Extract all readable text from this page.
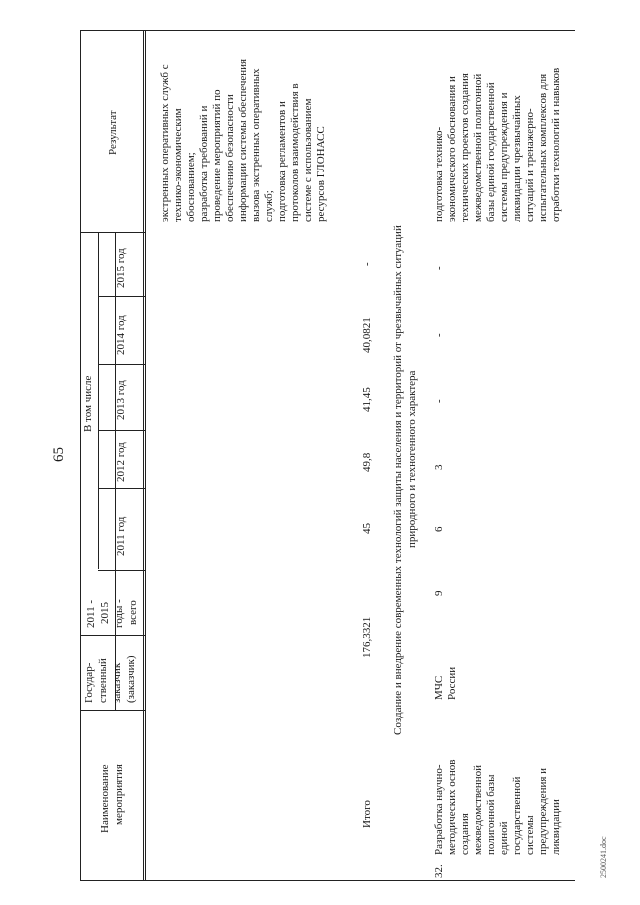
65
Наименование мероприятия
Государ- ственный заказчик (заказчик)
2011 - 2015 годы - всего
В том числе
2011 год
2012 год
2013 год
2014 год
2015 год
Результат	экстренных оперативных служб с технико-экономическим обоснованием; разработка требований и проведение мероприятий по обеспечению безопасности информации системы обеспечения вызова экстренных оперативных служб; подготовка регламентов и протоколов взаимодействия в системе с использованием ресурсов ГЛОНАСС
Итого
176,3321
45
49,8
41,45
40,0821
- Создание и внедрение современных технологий защиты населения и территорий от чрезвычайных ситуаций природного и техногенного характера
32.
Разработка научно- методических основ создания межведомственной полигонной базы единой государственной системы предупреждения и ликвидации
МЧС России
9
6
3
-
-
-
подготовка технико- экономического обоснования и технических проектов создания межведомственной полигонной базы единой государственной системы предупреждения и ликвидации чрезвычайных ситуаций и тренажерно- испытательных комплексов для отработки технологий и навыков
2500241.doc
